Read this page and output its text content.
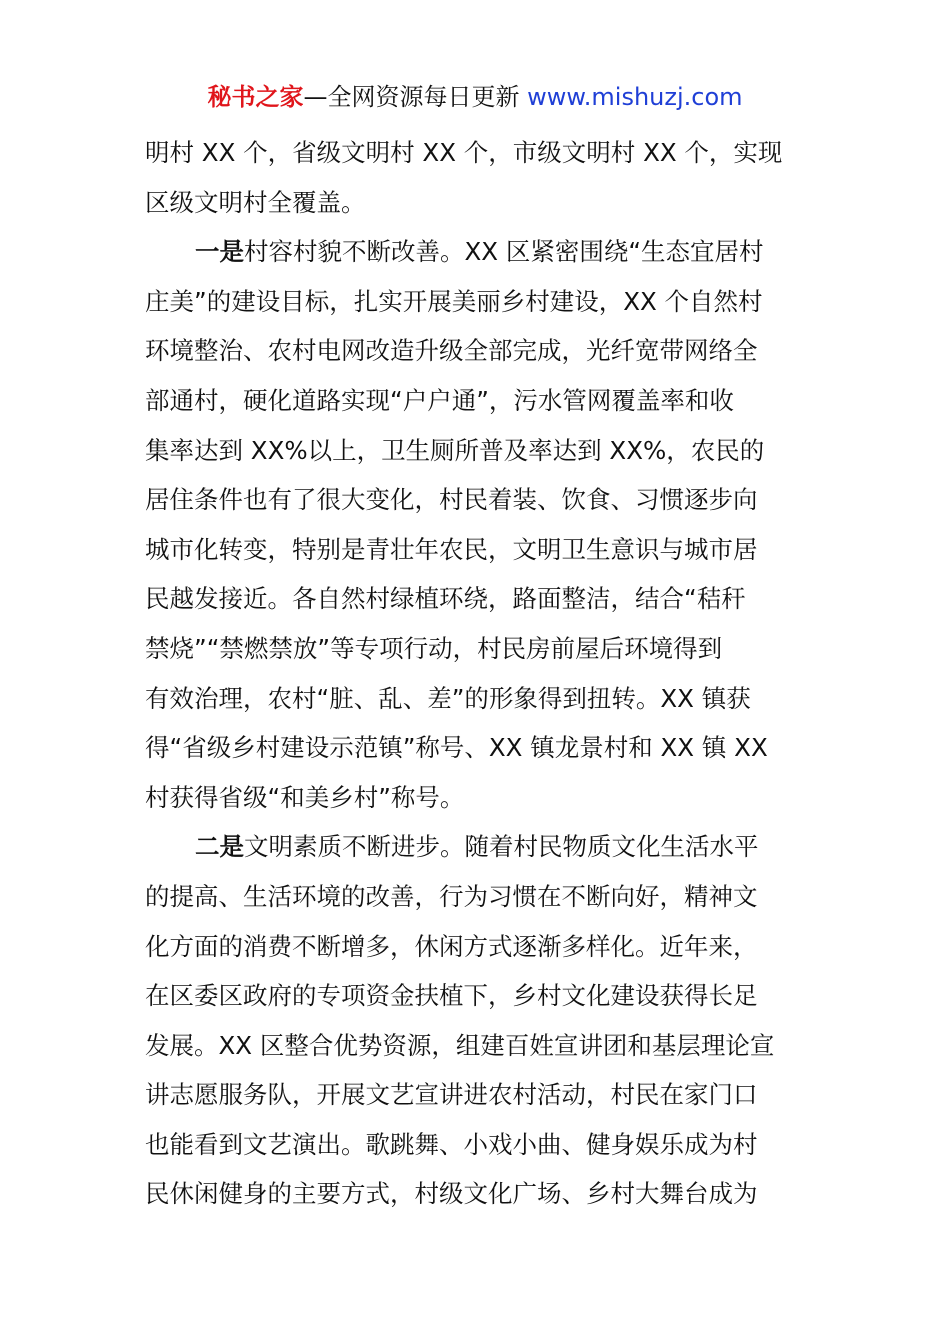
秘书之家—全网资源每日更新 www.mishuzj.com
明村 XX 个，省级文明村 XX 个，市级文明村 XX 个，实现
区级文明村全覆盖。
一是村容村貌不断改善。XX 区紧密围绕“生态宜居村
庄美”的建设目标，扎实开展美丽乡村建设，XX 个自然村
环境整治、农村电网改造升级全部完成，光纤宽带网络全
部通村，硬化道路实现“户户通”，污水管网覆盖率和收
集率达到 XX%以上，卫生厕所普及率达到 XX%，农民的
居住条件也有了很大变化，村民着装、饮食、习惯逐步向
城市化转变，特别是青壮年农民，文明卫生意识与城市居
民越发接近。各自然村绿植环绕，路面整洁，结合“秸秆
禁烧”“禁燃禁放”等专项行动，村民房前屋后环境得到
有效治理，农村“脏、乱、差”的形象得到扭转。XX 镇获
得“省级乡村建设示范镇”称号、XX 镇龙景村和 XX 镇 XX
村获得省级“和美乡村”称号。
二是文明素质不断进步。随着村民物质文化生活水平
的提高、生活环境的改善，行为习惯在不断向好，精神文
化方面的消费不断增多，休闲方式逐渐多样化。近年来，
在区委区政府的专项资金扶植下，乡村文化建设获得长足
发展。XX 区整合优势资源，组建百姓宣讲团和基层理论宣
讲志愿服务队，开展文艺宣讲进农村活动，村民在家门口
也能看到文艺演出。歌跳舞、小戏小曲、健身娱乐成为村
民休闲健身的主要方式，村级文化广场、乡村大舞台成为
